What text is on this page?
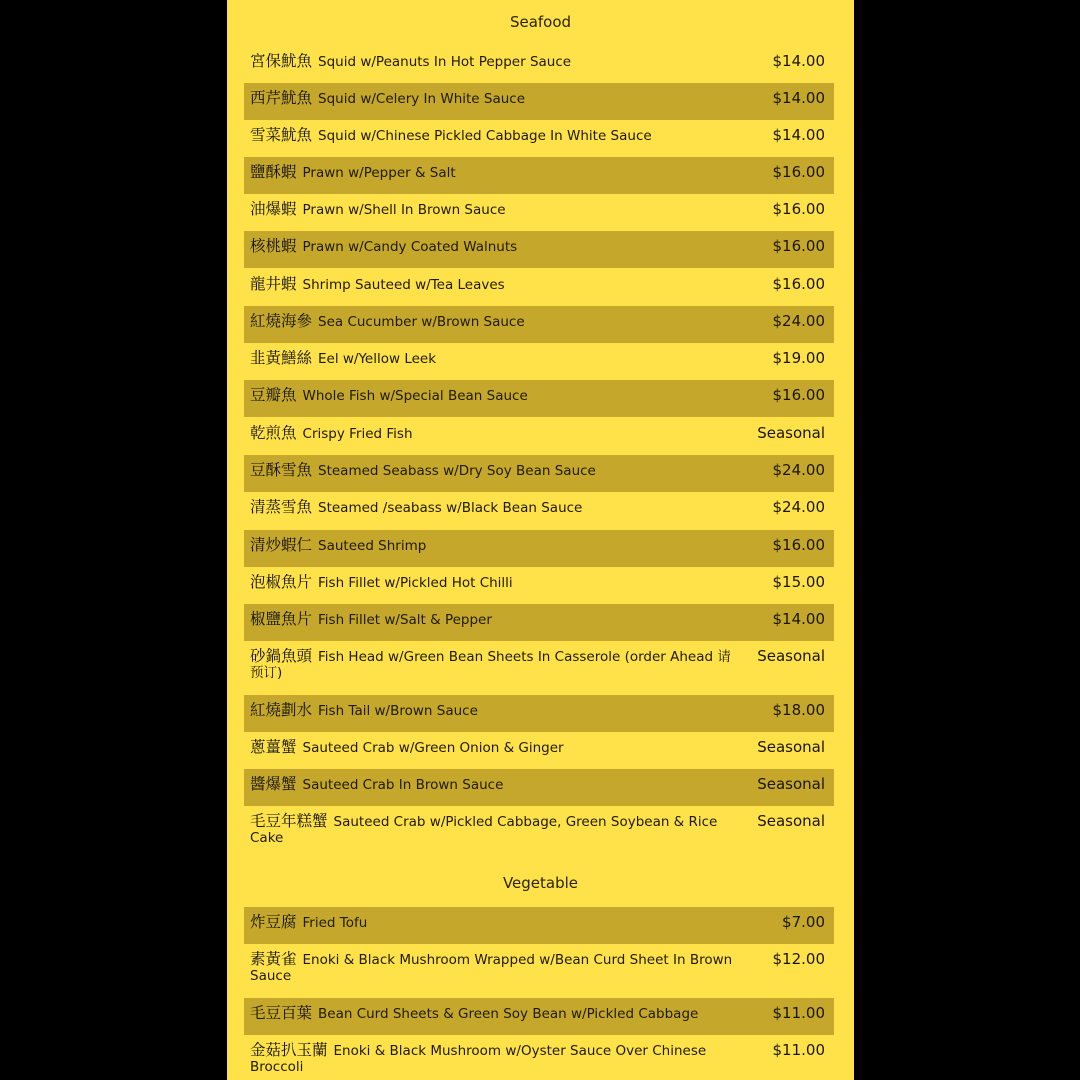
Seafood
宮保魷魚 Squid w/Peanuts In Hot Pepper Sauce	$14.00
西芹魷魚 Squid w/Celery In White Sauce	$14.00
雪菜魷魚 Squid w/Chinese Pickled Cabbage In White Sauce	$14.00
鹽酥蝦 Prawn w/Pepper & Salt	$16.00
油爆蝦 Prawn w/Shell In Brown Sauce	$16.00
核桃蝦 Prawn w/Candy Coated Walnuts	$16.00
龍井蝦 Shrimp Sauteed w/Tea Leaves	$16.00
紅燒海參 Sea Cucumber w/Brown Sauce	$24.00
韭黃鱔絲 Eel w/Yellow Leek	$19.00
豆瓣魚 Whole Fish w/Special Bean Sauce	$16.00
乾煎魚 Crispy Fried Fish	Seasonal
豆酥雪魚 Steamed Seabass w/Dry Soy Bean Sauce	$24.00
清蒸雪魚 Steamed /seabass w/Black Bean Sauce	$24.00
清炒蝦仁 Sauteed Shrimp	$16.00
泡椒魚片 Fish Fillet w/Pickled Hot Chilli	$15.00
椒鹽魚片 Fish Fillet w/Salt & Pepper	$14.00
砂鍋魚頭 Fish Head w/Green Bean Sheets In Casserole (order Ahead 请预订)
Seasonal
紅燒劃水 Fish Tail w/Brown Sauce	$18.00
蔥薑蟹 Sauteed Crab w/Green Onion & Ginger	Seasonal
醬爆蟹 Sauteed Crab In Brown Sauce	Seasonal
毛豆年糕蟹 Sauteed Crab w/Pickled Cabbage, Green Soybean & Rice Cake
Seasonal
Vegetable
炸豆腐 Fried Tofu	$7.00
素黃雀 Enoki & Black Mushroom Wrapped w/Bean Curd Sheet In Brown Sauce
$12.00
毛豆百葉 Bean Curd Sheets & Green Soy Bean w/Pickled Cabbage	$11.00
金菇扒玉蘭 Enoki & Black Mushroom w/Oyster Sauce Over Chinese Broccoli
$11.00
